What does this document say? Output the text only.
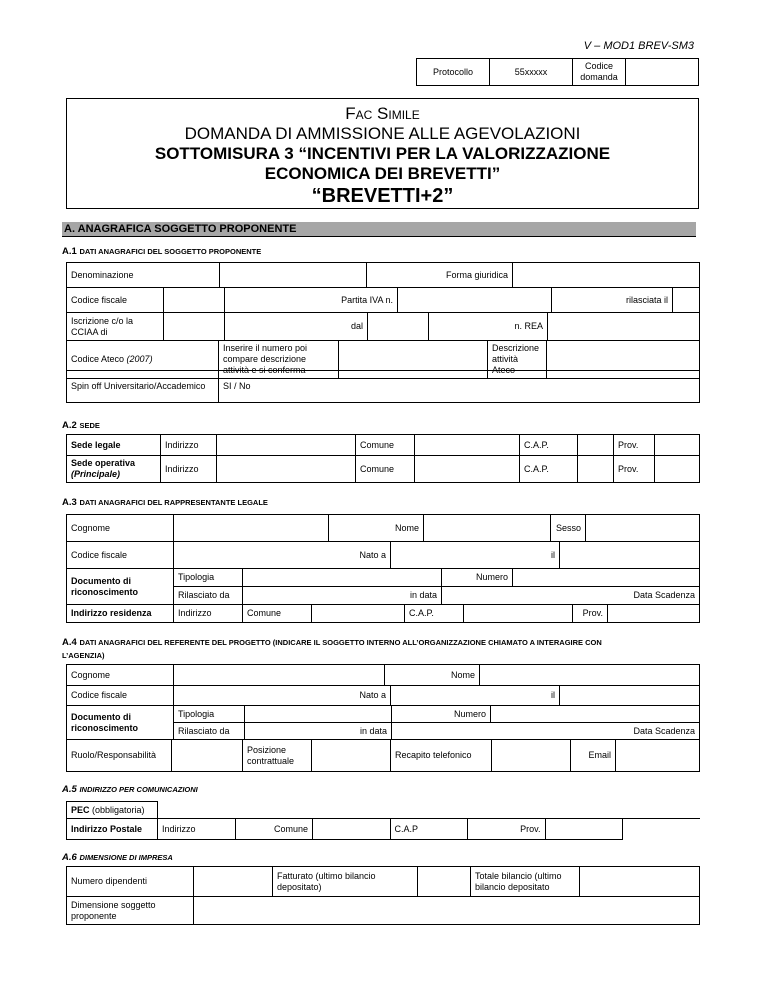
V – MOD1 BREV-SM3
Protocollo	55xxxxx	Codice domanda	
Fac Simile
DOMANDA DI AMMISSIONE ALLE AGEVOLAZIONI
SOTTOMISURA 3 “INCENTIVI PER LA VALORIZZAZIONE
ECONOMICA DEI BREVETTI”
“BREVETTI+2”
A. ANAGRAFICA SOGGETTO PROPONENTE
A.1 DATI ANAGRAFICI DEL SOGGETTO PROPONENTE
Denominazione		Forma giuridica	
Codice fiscale		Partita IVA n.		rilasciata il	
Iscrizione c/o la CCIAA di		dal		n. REA	
Codice Ateco (2007)	Inserire il numero poi compare descrizione attività e si conferma		Descrizione attività Ateco	
Spin off Universitario/Accademico	SI / No
A.2 SEDE
Sede legale	Indirizzo		Comune		C.A.P.		Prov.	
Sede operativa
(Principale)	Indirizzo		Comune		C.A.P.		Prov.	
A.3 DATI ANAGRAFICI DEL RAPPRESENTANTE LEGALE
Cognome		Nome		Sesso	
Codice fiscale	Nato a	il	
Documento di riconoscimento	Tipologia		Numero	
	Rilasciato da	in data	Data Scadenza	
Indirizzo residenza	Indirizzo	Comune		C.A.P.		Prov.	
A.4 DATI ANAGRAFICI DEL REFERENTE DEL PROGETTO (INDICARE IL SOGGETTO INTERNO ALL’ORGANIZZAZIONE CHIAMATO A INTERAGIRE CON
L’AGENZIA)
Cognome		Nome	
Codice fiscale	Nato a	il	
Documento di riconoscimento	Tipologia		Numero	
	Rilasciato da	in data	Data Scadenza	
Ruolo/Responsabilità		Posizione contrattuale		Recapito telefonico		Email	
A.5 INDIRIZZO PER COMUNICAZIONI
PEC (obbligatoria)							
Indirizzo Postale	Indirizzo	Comune		C.A.P	Prov.		
A.6 DIMENSIONE DI IMPRESA
Numero dipendenti		Fatturato (ultimo bilancio depositato)		Totale bilancio (ultimo bilancio depositato	
Dimensione soggetto proponente					
